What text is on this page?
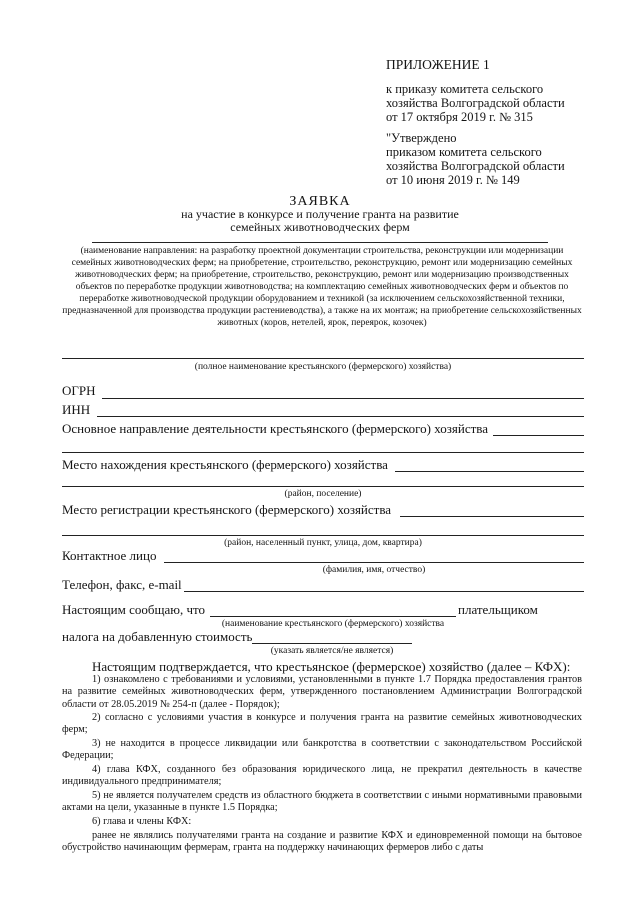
ПРИЛОЖЕНИЕ 1
к приказу комитета сельского
хозяйства Волгоградской области
от 17 октября 2019 г. № 315
"Утверждено
приказом комитета сельского
хозяйства Волгоградской области
от 10 июня 2019 г. № 149
ЗАЯВКА
на участие в конкурсе и получение гранта на развитие
семейных животноводческих ферм
(наименование направления: на разработку проектной документации строительства, реконструкции или модернизации семейных животноводческих ферм; на приобретение, строительство, реконструкцию, ремонт или модернизацию семейных животноводческих ферм; на приобретение, строительство, реконструкцию, ремонт или модернизацию производственных объектов по переработке продукции животноводства; на комплектацию семейных животноводческих ферм и объектов по переработке животноводческой продукции оборудованием и техникой (за исключением сельскохозяйственной техники, предназначенной для производства продукции растениеводства), а также на их монтаж; на приобретение сельскохозяйственных животных (коров, нетелей, ярок, переярок, козочек)
(полное наименование крестьянского (фермерского) хозяйства)
ОГРН
ИНН
Основное направление деятельности крестьянского (фермерского) хозяйства
Место нахождения крестьянского (фермерского) хозяйства
(район, поселение)
Место регистрации крестьянского (фермерского) хозяйства
(район, населенный пункт, улица, дом, квартира)
Контактное лицо
(фамилия, имя, отчество)
Телефон, факс, e-mail
Настоящим сообщаю, что	плательщиком
(наименование крестьянского (фермерского) хозяйства
налога на добавленную стоимость
(указать является/не является)
Настоящим подтверждается, что крестьянское (фермерское) хозяйство (далее – КФХ):
1) ознакомлено с требованиями и условиями, установленными в пункте 1.7 Порядка предоставления грантов на развитие семейных животноводческих ферм, утвержденного постановлением Администрации Волгоградской области от 28.05.2019 № 254-п (далее - Порядок);
2) согласно с условиями участия в конкурсе и получения гранта на развитие семейных животноводческих ферм;
3) не находится в процессе ликвидации или банкротства в соответствии с законодательством Российской Федерации;
4) глава КФХ, созданного без образования юридического лица, не прекратил деятельность в качестве индивидуального предпринимателя;
5) не является получателем средств из областного бюджета в соответствии с иными нормативными правовыми актами на цели, указанные в пункте 1.5 Порядка;
6) глава и члены КФХ:
ранее не являлись получателями гранта на создание и развитие КФХ и единовременной помощи на бытовое обустройство начинающим фермерам, гранта на поддержку начинающих фермеров либо с даты
